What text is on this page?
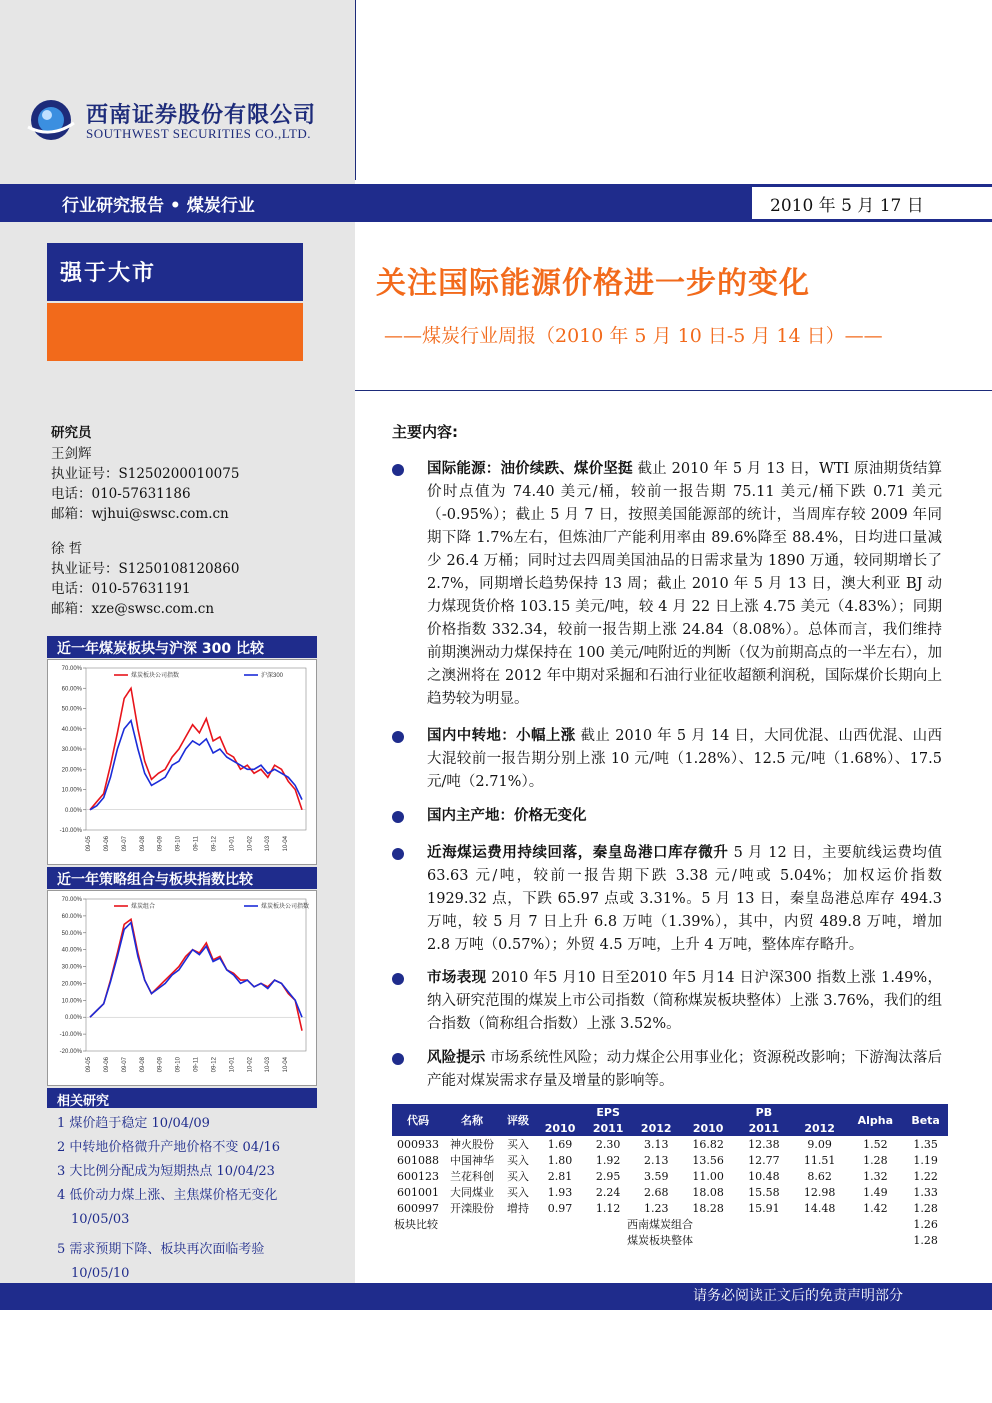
西南证券股份有限公司
SOUTHWEST SECURITIES CO.,LTD.
行业研究报告 • 煤炭行业	2010 年 5 月 17 日
强于大市	关注国际能源价格进一步的变化
——煤炭行业周报（2010 年 5 月 10 日-5 月 14 日）——
研究员
王剑辉
执业证号：S1250200010075
电话：010-57631186
邮箱：wjhui@swsc.com.cn
徐 哲
执业证号：S1250108120860
电话：010-57631191
邮箱：xze@swsc.com.cn
近一年煤炭板块与沪深 300 比较
70.00%
60.00%
50.00%
40.00%
30.00%
20.00%
10.00%
0.00%
-10.00%
09-05 09-06 09-07 09-08 09-09 09-10 09-11 09-12 10-01 10-02 10-03 10-04
煤炭板块公司指数	沪深300
近一年策略组合与板块指数比较
70.00%
60.00%
50.00%
40.00%
30.00%
20.00%
10.00%
0.00%
-10.00%
-20.00%
09-05 09-06 09-07 09-08 09-09 09-10 09-11 09-12 10-01 10-02 10-03 10-04
煤炭组合	煤炭板块公司指数
相关研究
1 煤价趋于稳定 10/04/09
2 中转地价格微升产地价格不变 04/16
3 大比例分配成为短期热点 10/04/23
4 低价动力煤上涨、主焦煤价格无变化
10/05/03
5 需求预期下降、板块再次面临考验
10/05/10
主要内容:
国际能源：油价续跌、煤价坚挺 截止 2010 年 5 月 13 日，WTI 原油期货结算价时点值为 74.40 美元/桶，较前一报告期 75.11 美元/桶下跌 0.71 美元（-0.95%）；截止 5 月 7 日，按照美国能源部的统计，当周库存较 2009 年同期下降 1.7%左右，但炼油厂产能利用率由 89.6%降至 88.4%，日均进口量减少 26.4 万桶；同时过去四周美国油品的日需求量为 1890 万通，较同期增长了 2.7%，同期增长趋势保持 13 周；截止 2010 年 5 月 13 日，澳大利亚 BJ 动力煤现货价格 103.15 美元/吨，较 4 月 22 日上涨 4.75 美元（4.83%）；同期价格指数 332.34，较前一报告期上涨 24.84（8.08%）。总体而言，我们维持前期澳洲动力煤保持在 100 美元/吨附近的判断（仅为前期高点的一半左右），加之澳洲将在 2012 年中期对采掘和石油行业征收超额利润税，国际煤价长期向上趋势较为明显。
国内中转地：小幅上涨 截止 2010 年 5 月 14 日，大同优混、山西优混、山西大混较前一报告期分别上涨 10 元/吨（1.28%）、12.5 元/吨（1.68%）、17.5 元/吨（2.71%）。
国内主产地：价格无变化
近海煤运费用持续回落，秦皇岛港口库存微升 5 月 12 日，主要航线运费均值 63.63 元/吨，较前一报告期下跌 3.38 元/吨或 5.04%；加权运价指数 1929.32 点，下跌 65.97 点或 3.31%。5 月 13 日，秦皇岛港总库存 494.3 万吨，较 5 月 7 日上升 6.8 万吨（1.39%），其中，内贸 489.8 万吨，增加 2.8 万吨（0.57%）；外贸 4.5 万吨，上升 4 万吨，整体库存略升。
市场表现 2010 年5 月10 日至2010 年5 月14 日沪深300 指数上涨 1.49%，纳入研究范围的煤炭上市公司指数（简称煤炭板块整体）上涨 3.76%，我们的组合指数（简称组合指数）上涨 3.52%。
风险提示 市场系统性风险；动力煤企公用事业化；资源税改影响；下游淘汰落后产能对煤炭需求存量及增量的影响等。
代码	名称	评级	EPS			PB			Alpha	Beta
			2010	2011	2012	2010	2011	2012		
000933	神火股份	买入	1.69	2.30	3.13	16.82	12.38	9.09	1.52	1.35
601088	中国神华	买入	1.80	1.92	2.13	13.56	12.77	11.51	1.28	1.19
600123	兰花科创	买入	2.81	2.95	3.59	11.00	10.48	8.62	1.32	1.22
601001	大同煤业	买入	1.93	2.24	2.68	18.08	15.58	12.98	1.49	1.33
600997	开滦股份	增持	0.97	1.12	1.23	18.28	15.91	14.48	1.42	1.28
板块比较				西南煤炭组合						1.26
				煤炭板块整体						1.28
请务必阅读正文后的免责声明部分
